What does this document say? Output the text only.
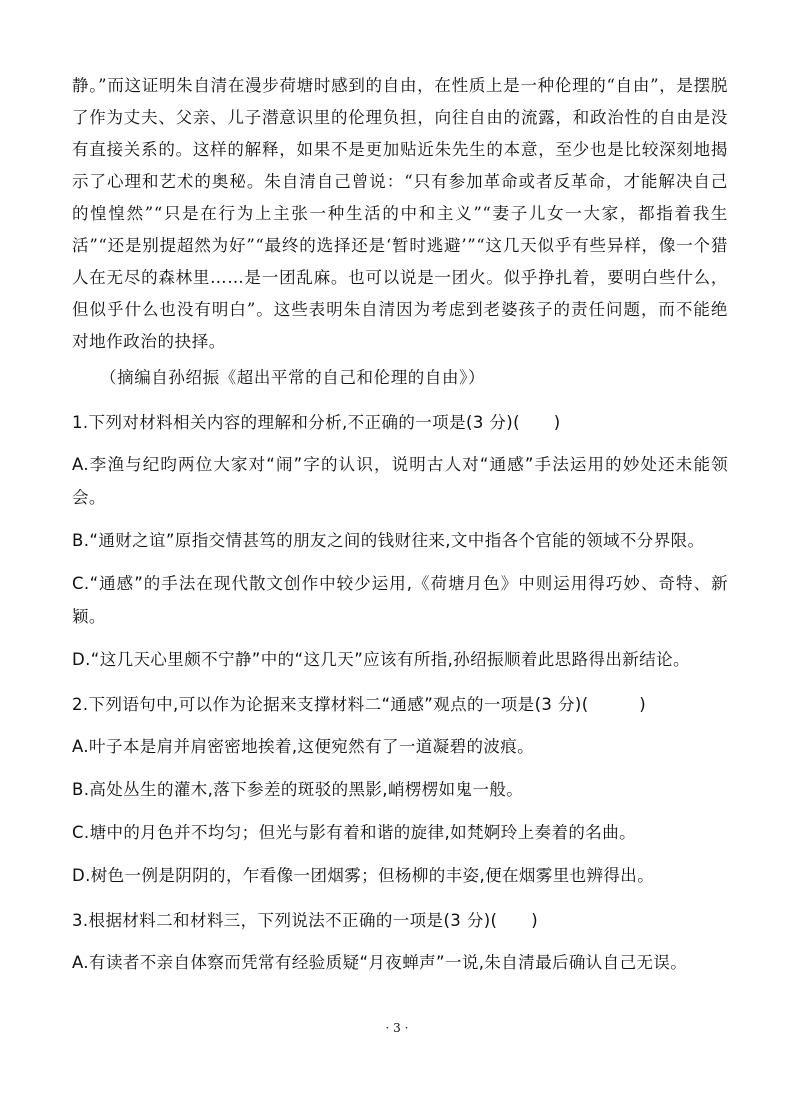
静。”而这证明朱自清在漫步荷塘时感到的自由，在性质上是一种伦理的“自由”，是摆脱了作为丈夫、父亲、儿子潜意识里的伦理负担，向往自由的流露，和政治性的自由是没有直接关系的。这样的解释，如果不是更加贴近朱先生的本意，至少也是比较深刻地揭示了心理和艺术的奥秘。朱自清自己曾说：“只有参加革命或者反革命，才能解决自己的惶惶然”“只是在行为上主张一种生活的中和主义”“妻子儿女一大家，都指着我生活”“还是别提超然为好”“最终的选择还是‘暂时逃避’”“这几天似乎有些异样，像一个猎人在无尽的森林里……是一团乱麻。也可以说是一团火。似乎挣扎着，要明白些什么，但似乎什么也没有明白”。这些表明朱自清因为考虑到老婆孩子的责任问题，而不能绝对地作政治的抉择。

（摘编自孙绍振《超出平常的自己和伦理的自由》）

1.下列对材料相关内容的理解和分析,不正确的一项是(3 分)(　　)

A.李渔与纪昀两位大家对“闹”字的认识，说明古人对“通感”手法运用的妙处还未能领会。

B.“通财之谊”原指交情甚笃的朋友之间的钱财往来,文中指各个官能的领域不分界限。

C.“通感”的手法在现代散文创作中较少运用,《荷塘月色》中则运用得巧妙、奇特、新颖。

D.“这几天心里颇不宁静”中的“这几天”应该有所指,孙绍振顺着此思路得出新结论。

2.下列语句中,可以作为论据来支撑材料二“通感”观点的一项是(3 分)(　　　)

A.叶子本是肩并肩密密地挨着,这便宛然有了一道凝碧的波痕。

B.高处丛生的灌木,落下参差的斑驳的黑影,峭楞楞如鬼一般。

C.塘中的月色并不均匀；但光与影有着和谐的旋律,如梵婀玲上奏着的名曲。

D.树色一例是阴阴的，乍看像一团烟雾；但杨柳的丰姿,便在烟雾里也辨得出。

3.根据材料二和材料三，下列说法不正确的一项是(3 分)(　　)

A.有读者不亲自体察而凭常有经验质疑“月夜蝉声”一说,朱自清最后确认自己无误。

· 3 ·
